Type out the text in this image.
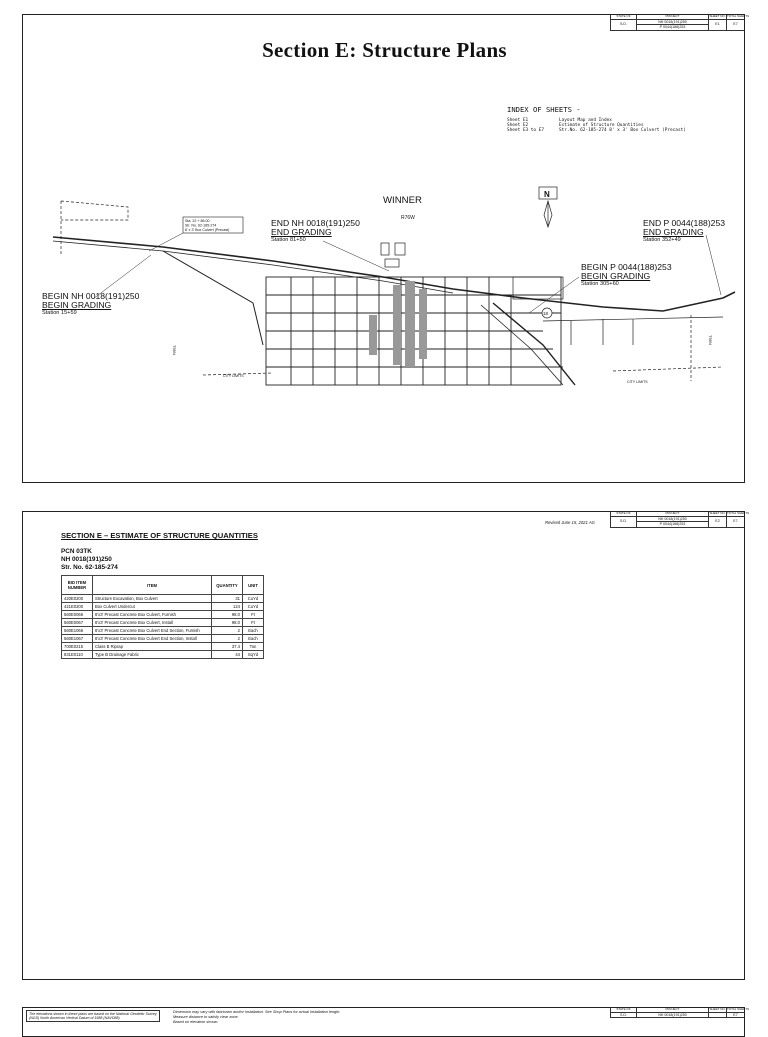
STATE OF	PROJECT	SHEET NO. TOTAL SHEETS
S.D.	NH 0018(191)250	E1	E7
P 0044(188)253
Section E: Structure Plans
INDEX OF SHEETS -
Sheet E1	Layout Map and Index
Sheet E2	Estimate of Structure Quantities
Sheet E3 to E7	Str.No. 62-185-274 8' x 3' Box Culvert (Precast)
WINNER
R76W
N
Sta. 22 + 86.00
Str. No. 62-185-274
8' x 3' Box Culvert (Precast)
CITY LIMITS
CITY LIMITS
18
T99N
T99N
BEGIN NH 0018(191)250
BEGIN GRADING
Station 15+59
END NH 0018(191)250
END GRADING
Station 81+50
BEGIN P 0044(188)253
BEGIN GRADING
Station 305+60
END P 0044(188)253
END GRADING
Station 352+49
Revised June 15, 2021 AG
STATE OF	PROJECT	SHEET NO. TOTAL SHEETS
S.D.	NH 0018(191)250	E2	E7
P 0044(188)253
SECTION E – ESTIMATE OF STRUCTURE QUANTITIES
PCN 03TK
NH 0018(191)250
Str. No. 62-185-274
BID ITEM NUMBER	ITEM	QUANTITY	UNIT
420E0200	Structure Excavation, Box Culvert	31	CuYd
421E0200	Box Culvert Undercut	124	CuYd
560E0066	8'x3' Precast Concrete Box Culvert, Furnish	98.0	Ft
560E0067	8'x3' Precast Concrete Box Culvert, Install	98.0	Ft
560E1066	8'x3' Precast Concrete Box Culvert End Section, Furnish	2	Each
560E1067	8'x3' Precast Concrete Box Culvert End Section, Install	2	Each
700E0215	Class B Riprap	37.4	Ton
831E0110	Type B Drainage Fabric	44	SqYd
The elevations shown in these plans are based on the National Geodetic Survey (NGS) North American Vertical Datum of 1988 (NAVD88).
Dimension may vary with fabricator and/or installation. See Shop Plans for actual installation length.
Measure distance to satisfy clear zone.
Based on elevation shown.
STATE OF	PROJECT	SHEET NO. TOTAL SHEETS
S.D.	NH 0018(191)250	E7
